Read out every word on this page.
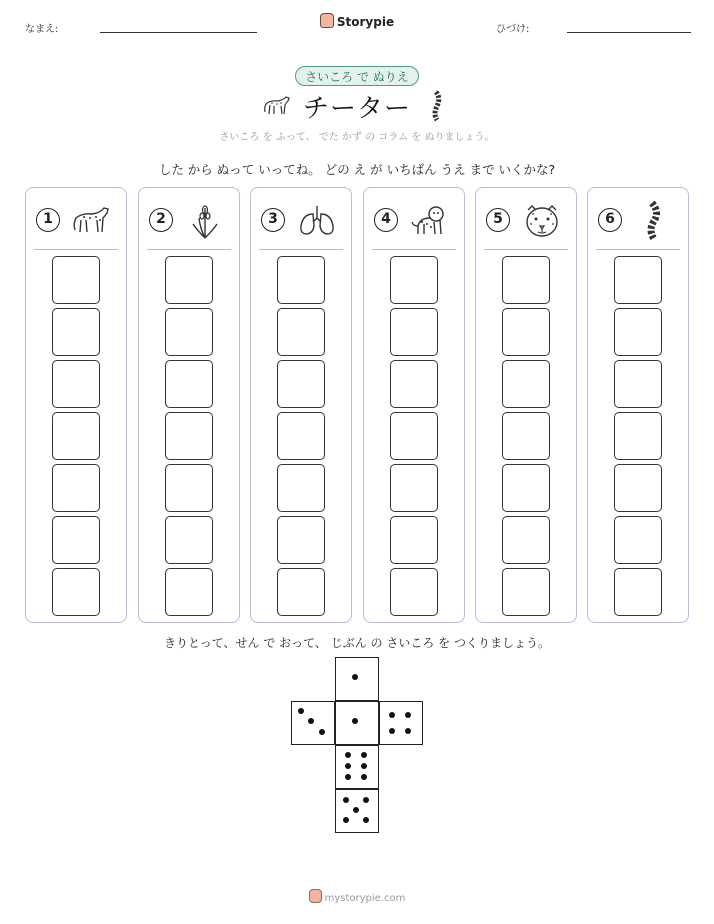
なまえ:
Storypie
ひづけ:
さいころ で ぬりえ
チーター
さいころ を ふって、 でた かず の コラム を ぬりましょう。
した から ぬって いってね。 どの え が いちばん うえ まで いくかな?
1	2	3	4	5	6
きりとって、せん で おって、 じぶん の さいころ を つくりましょう。
mystorypie.com
